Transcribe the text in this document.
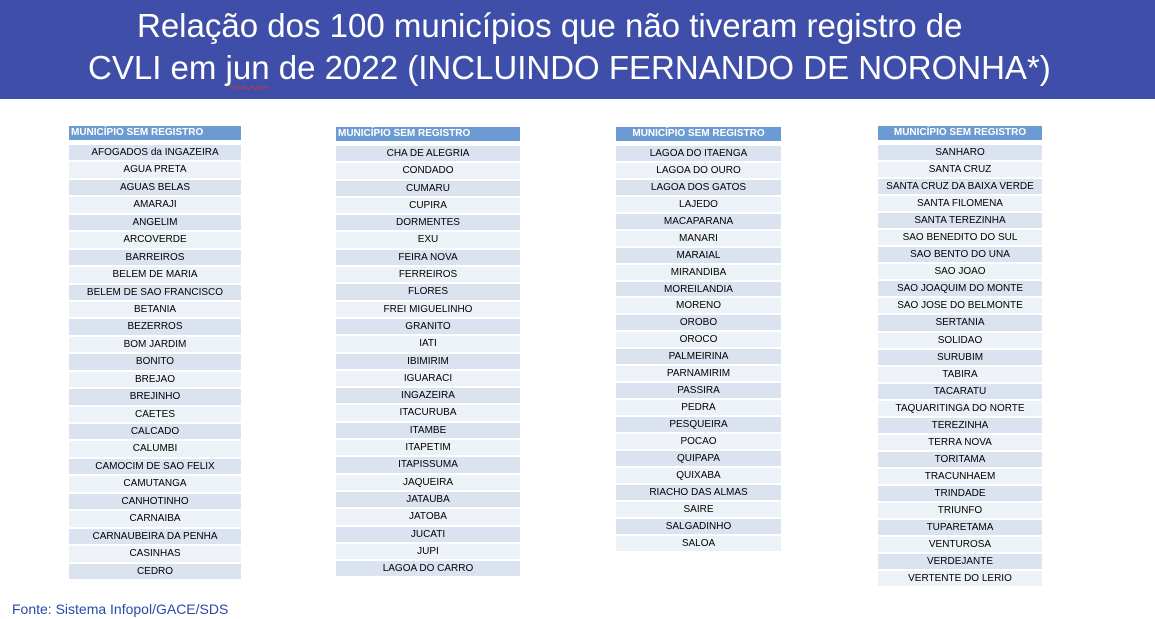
Relação dos 100 municípios que não tiveram registro de
CVLI em jun de 2022 (INCLUINDO FERNANDO DE NORONHA*)
MUNICÍPIO SEM REGISTRO
AFOGADOS da INGAZEIRA
AGUA PRETA
AGUAS BELAS
AMARAJI
ANGELIM
ARCOVERDE
BARREIROS
BELEM DE MARIA
BELEM DE SAO FRANCISCO
BETANIA
BEZERROS
BOM JARDIM
BONITO
BREJAO
BREJINHO
CAETES
CALCADO
CALUMBI
CAMOCIM DE SAO FELIX
CAMUTANGA
CANHOTINHO
CARNAIBA
CARNAUBEIRA DA PENHA
CASINHAS
CEDRO
MUNICÍPIO SEM REGISTRO
CHA DE ALEGRIA
CONDADO
CUMARU
CUPIRA
DORMENTES
EXU
FEIRA NOVA
FERREIROS
FLORES
FREI MIGUELINHO
GRANITO
IATI
IBIMIRIM
IGUARACI
INGAZEIRA
ITACURUBA
ITAMBE
ITAPETIM
ITAPISSUMA
JAQUEIRA
JATAUBA
JATOBA
JUCATI
JUPI
LAGOA DO CARRO
MUNICÍPIO SEM REGISTRO
LAGOA DO ITAENGA
LAGOA DO OURO
LAGOA DOS GATOS
LAJEDO
MACAPARANA
MANARI
MARAIAL
MIRANDIBA
MOREILANDIA
MORENO
OROBO
OROCO
PALMEIRINA
PARNAMIRIM
PASSIRA
PEDRA
PESQUEIRA
POCAO
QUIPAPA
QUIXABA
RIACHO DAS ALMAS
SAIRE
SALGADINHO
SALOA
MUNICÍPIO SEM REGISTRO
SANHARO
SANTA CRUZ
SANTA CRUZ DA BAIXA VERDE
SANTA FILOMENA
SANTA TEREZINHA
SAO BENEDITO DO SUL
SAO BENTO DO UNA
SAO JOAO
SAO JOAQUIM DO MONTE
SAO JOSE DO BELMONTE
SERTANIA
SOLIDAO
SURUBIM
TABIRA
TACARATU
TAQUARITINGA DO NORTE
TEREZINHA
TERRA NOVA
TORITAMA
TRACUNHAEM
TRINDADE
TRIUNFO
TUPARETAMA
VENTUROSA
VERDEJANTE
VERTENTE DO LERIO
Fonte: Sistema Infopol/GACE/SDS
